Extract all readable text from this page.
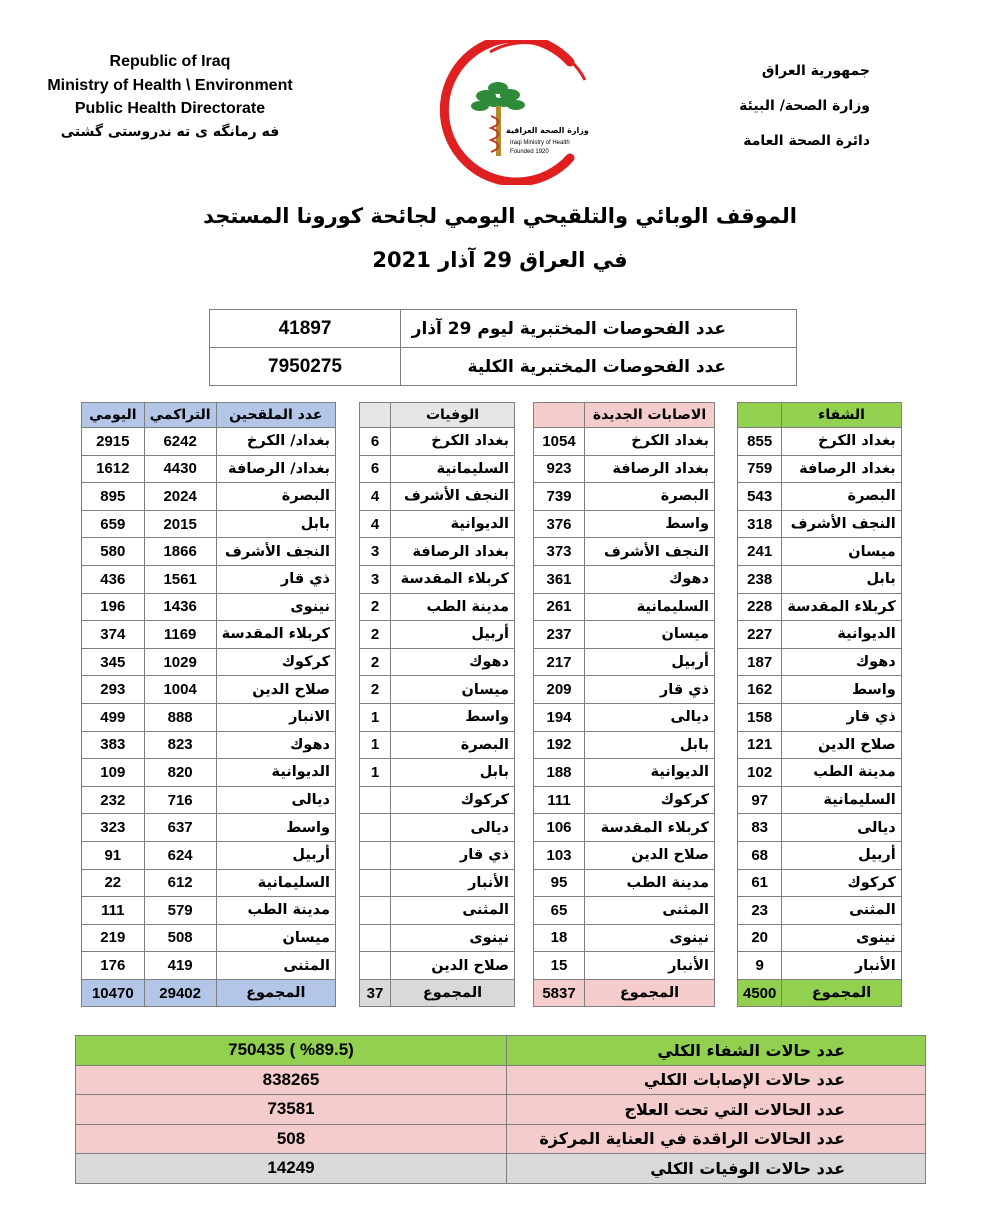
Republic of Iraq
Ministry of Health \ Environment
Public Health Directorate
فه رمانگه ی ته ندروستی گشتی
جمهورية العراق
وزارة الصحة/ البيئة
دائرة الصحة العامة
وزارة الصحة العراقية
Iraqi Ministry of Health
Founded 1920
الموقف الوبائي والتلقيحي اليومي لجائحة كورونا المستجد
في العراق 29 آذار 2021
41897	عدد الفحوصات المختبرية ليوم 29 آذار
7950275	عدد الفحوصات المختبرية الكلية
اليومي	التراكمي	عدد الملقحين
2915	6242	بغداد/ الكرخ
1612	4430	بغداد/ الرصافة
895	2024	البصرة
659	2015	بابل
580	1866	النجف الأشرف
436	1561	ذي قار
196	1436	نينوى
374	1169	كربلاء المقدسة
345	1029	كركوك
293	1004	صلاح الدين
499	888	الانبار
383	823	دهوك
109	820	الديوانية
232	716	ديالى
323	637	واسط
91	624	أربيل
22	612	السليمانية
111	579	مدينة الطب
219	508	ميسان
176	419	المثنى
10470	29402	المجموع
	الوفيات
6	بغداد الكرخ
6	السليمانية
4	النجف الأشرف
4	الديوانية
3	بغداد الرصافة
3	كربلاء المقدسة
2	مدينة الطب
2	أربيل
2	دهوك
2	ميسان
1	واسط
1	البصرة
1	بابل
	كركوك
	ديالى
	ذي قار
	الأنبار
	المثنى
	نينوى
	صلاح الدين
37	المجموع
	الاصابات الجديدة
1054	بغداد الكرخ
923	بغداد الرصافة
739	البصرة
376	واسط
373	النجف الأشرف
361	دهوك
261	السليمانية
237	ميسان
217	أربيل
209	ذي قار
194	ديالى
192	بابل
188	الديوانية
111	كركوك
106	كربلاء المقدسة
103	صلاح الدين
95	مدينة الطب
65	المثنى
18	نينوى
15	الأنبار
5837	المجموع
	الشفاء
855	بغداد الكرخ
759	بغداد الرصافة
543	البصرة
318	النجف الأشرف
241	ميسان
238	بابل
228	كربلاء المقدسة
227	الديوانية
187	دهوك
162	واسط
158	ذي قار
121	صلاح الدين
102	مدينة الطب
97	السليمانية
83	ديالى
68	أربيل
61	كركوك
23	المثنى
20	نينوى
9	الأنبار
4500	المجموع
750435 ( %89.5)	عدد حالات الشفاء الكلي
838265	عدد حالات الإصابات الكلي
73581	عدد الحالات التي تحت العلاج
508	عدد الحالات الراقدة في العناية المركزة
14249	عدد حالات الوفيات الكلي
